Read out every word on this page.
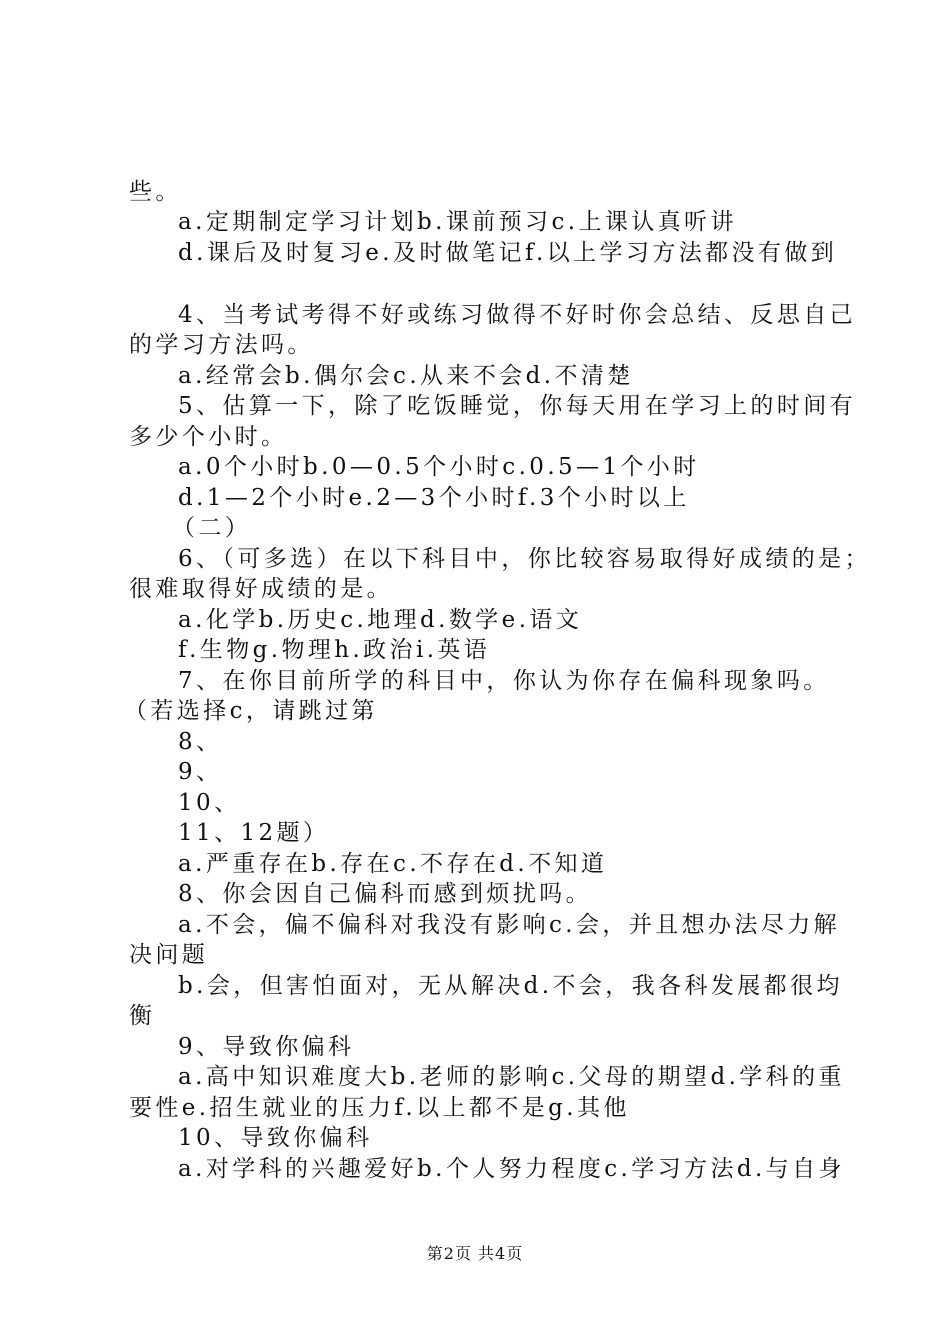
些。
a.定期制定学习计划b.课前预习c.上课认真听讲
d.课后及时复习e.及时做笔记f.以上学习方法都没有做到
4、当考试考得不好或练习做得不好时你会总结、反思自己
的学习方法吗。
a.经常会b.偶尔会c.从来不会d.不清楚
5、估算一下，除了吃饭睡觉，你每天用在学习上的时间有
多少个小时。
a.0个小时b.0—0.5个小时c.0.5—1个小时
d.1—2个小时e.2—3个小时f.3个小时以上
（二）
6、（可多选）在以下科目中，你比较容易取得好成绩的是；
很难取得好成绩的是。
a.化学b.历史c.地理d.数学e.语文
f.生物g.物理h.政治i.英语
7、在你目前所学的科目中，你认为你存在偏科现象吗。
（若选择c，请跳过第
8、
9、
10、
11、12题）
a.严重存在b.存在c.不存在d.不知道
8、你会因自己偏科而感到烦扰吗。
a.不会，偏不偏科对我没有影响c.会，并且想办法尽力解
决问题
b.会，但害怕面对，无从解决d.不会，我各科发展都很均
衡
9、导致你偏科
a.高中知识难度大b.老师的影响c.父母的期望d.学科的重
要性e.招生就业的压力f.以上都不是g.其他
10、导致你偏科
a.对学科的兴趣爱好b.个人努力程度c.学习方法d.与自身
第2页 共4页
